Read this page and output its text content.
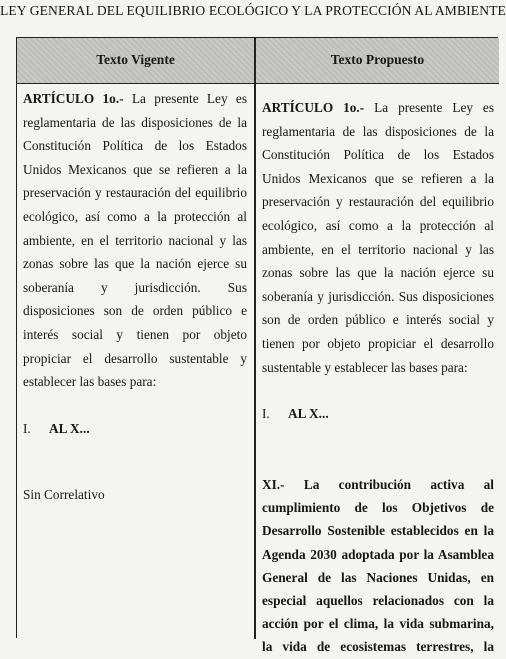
LEY GENERAL DEL EQUILIBRIO ECOLÓGICO Y LA PROTECCIÓN AL AMBIENTE
Texto Vigente	Texto Propuesto

ARTÍCULO 1o.- La presente Ley es reglamentaria de las disposiciones de la Constitución Política de los Estados Unidos Mexicanos que se refieren a la preservación y restauración del equilibrio ecológico, así como a la protección al ambiente, en el territorio nacional y las zonas sobre las que la nación ejerce su soberanía y jurisdicción. Sus disposiciones son de orden público e interés social y tienen por objeto propiciar el desarrollo sustentable y establecer las bases para:

I. AL X...

Sin Correlativo

ARTÍCULO 1o.- La presente Ley es reglamentaria de las disposiciones de la Constitución Política de los Estados Unidos Mexicanos que se refieren a la preservación y restauración del equilibrio ecológico, así como a la protección al ambiente, en el territorio nacional y las zonas sobre las que la nación ejerce su soberanía y jurisdicción. Sus disposiciones son de orden público e interés social y tienen por objeto propiciar el desarrollo sustentable y establecer las bases para:

I. AL X...

XI.- La contribución activa al cumplimiento de los Objetivos de Desarrollo Sostenible establecidos en la Agenda 2030 adoptada por la Asamblea General de las Naciones Unidas, en especial aquellos relacionados con la acción por el clima, la vida submarina, la vida de ecosistemas terrestres, la
